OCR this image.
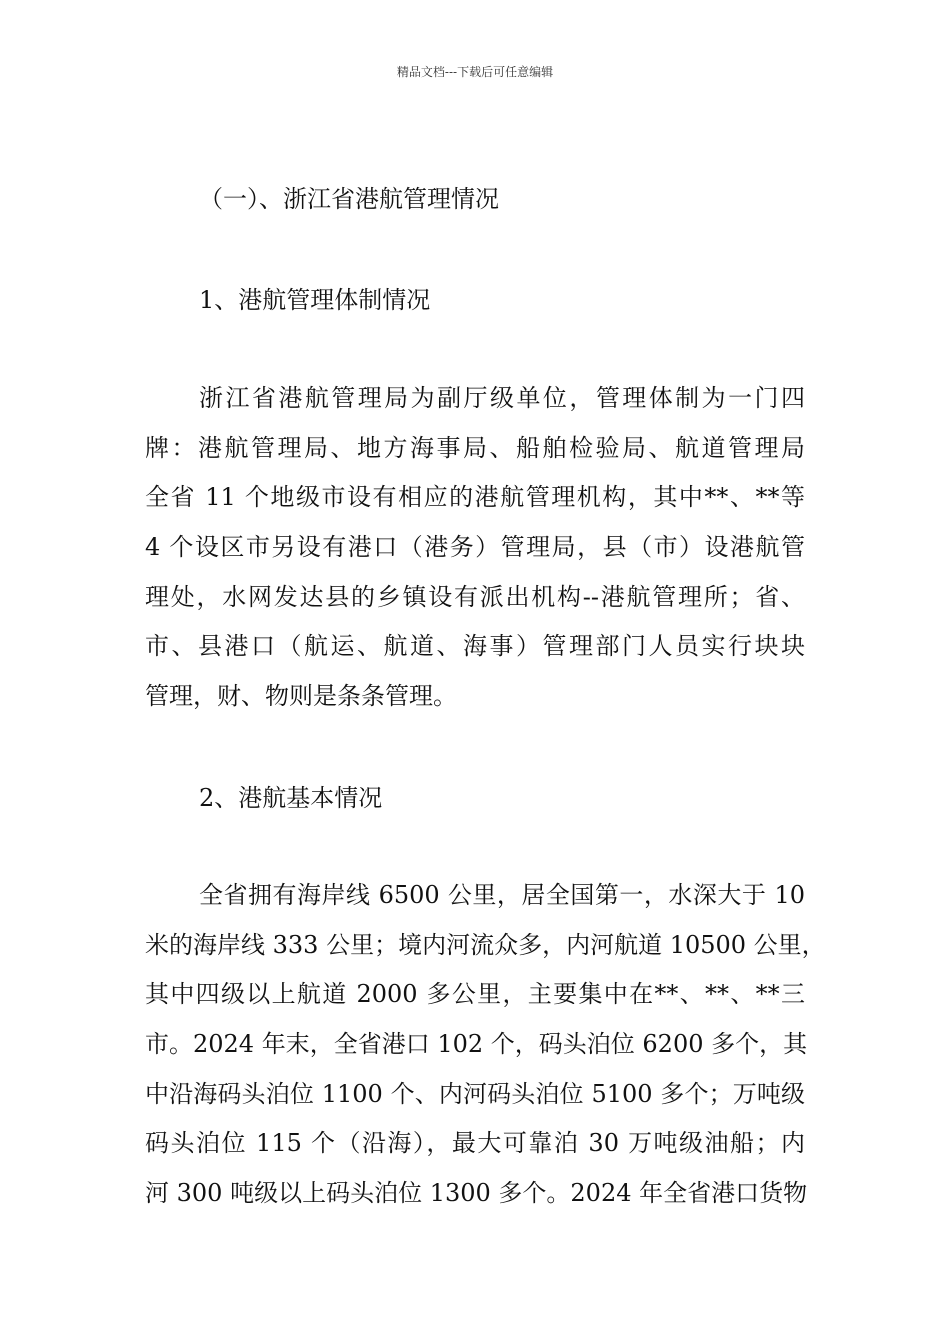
精品文档---下载后可任意编辑
（一）、浙江省港航管理情况
1、港航管理体制情况
浙江省港航管理局为副厅级单位，管理体制为一门四
牌：港航管理局、地方海事局、船舶检验局、航道管理局
全省 11 个地级市设有相应的港航管理机构，其中**、**等
4 个设区市另设有港口（港务）管理局，县（市）设港航管
理处，水网发达县的乡镇设有派出机构--港航管理所；省、
市、县港口（航运、航道、海事）管理部门人员实行块块
管理，财、物则是条条管理。
2、港航基本情况
全省拥有海岸线 6500 公里，居全国第一，水深大于 10
米的海岸线 333 公里；境内河流众多，内河航道 10500 公里，
其中四级以上航道 2000 多公里，主要集中在**、**、**三
市。2024 年末，全省港口 102 个，码头泊位 6200 多个，其
中沿海码头泊位 1100 个、内河码头泊位 5100 多个；万吨级
码头泊位 115 个（沿海），最大可靠泊 30 万吨级油船；内
河 300 吨级以上码头泊位 1300 多个。2024 年全省港口货物
